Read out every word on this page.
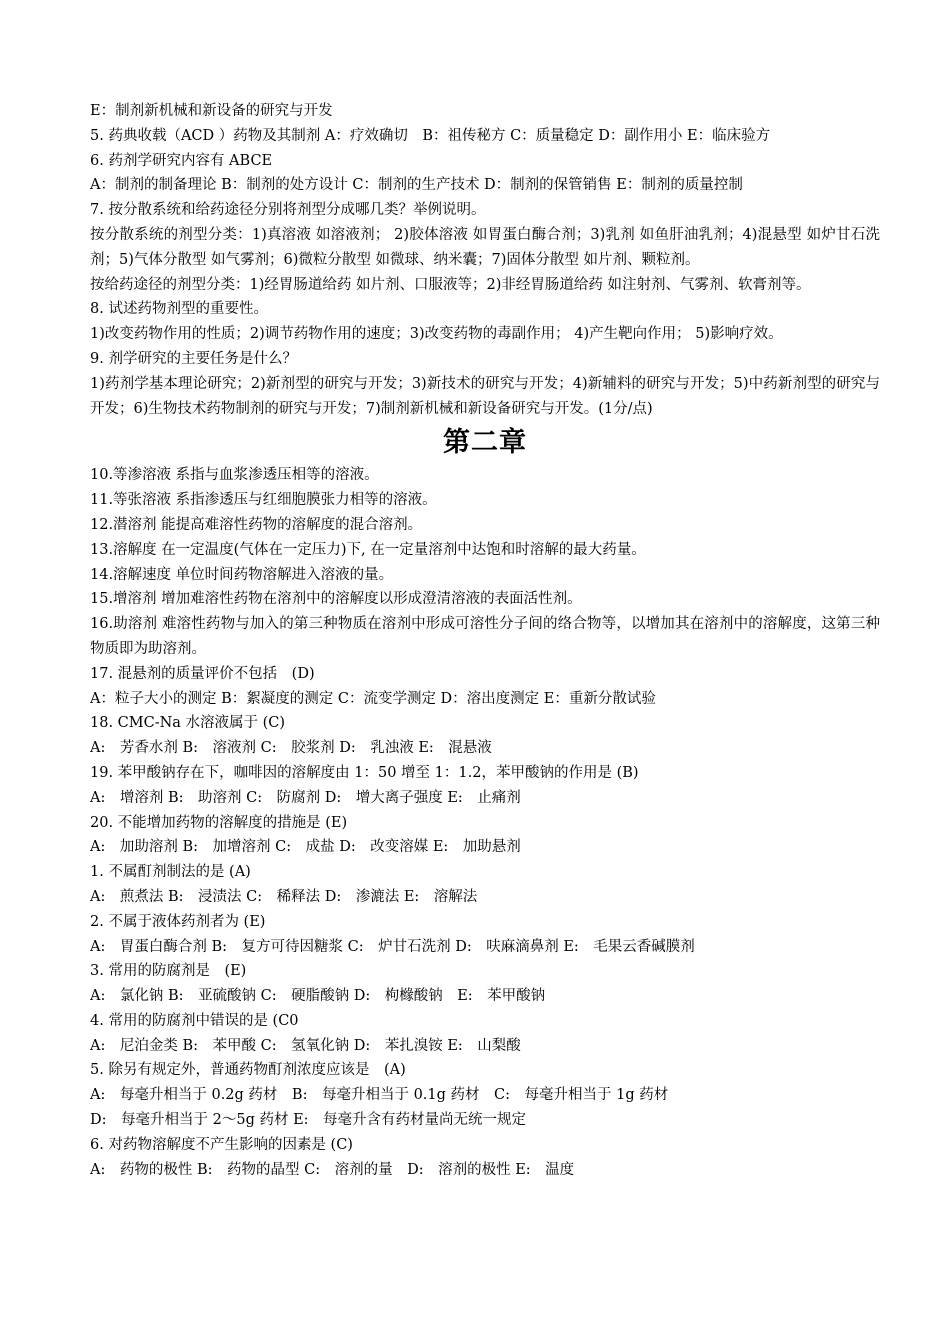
E：制剂新机械和新设备的研究与开发
5. 药典收载（ACD ）药物及其制剂 A：疗效确切　B：祖传秘方 C：质量稳定 D：副作用小 E：临床验方
6. 药剂学研究内容有 ABCE
A：制剂的制备理论 B：制剂的处方设计 C：制剂的生产技术 D：制剂的保管销售 E：制剂的质量控制
7. 按分散系统和给药途径分别将剂型分成哪几类？举例说明。
按分散系统的剂型分类：1)真溶液 如溶液剂； 2)胶体溶液 如胃蛋白酶合剂；3)乳剂 如鱼肝油乳剂；4)混悬型 如炉甘石洗剂；5)气体分散型 如气雾剂；6)微粒分散型 如微球、纳米囊；7)固体分散型 如片剂、颗粒剂。
按给药途径的剂型分类：1)经胃肠道给药 如片剂、口服液等；2)非经胃肠道给药 如注射剂、气雾剂、软膏剂等。
8. 试述药物剂型的重要性。
1)改变药物作用的性质；2)调节药物作用的速度；3)改变药物的毒副作用； 4)产生靶向作用； 5)影响疗效。
9. 剂学研究的主要任务是什么？
1)药剂学基本理论研究；2)新剂型的研究与开发；3)新技术的研究与开发；4)新辅料的研究与开发；5)中药新剂型的研究与开发；6)生物技术药物制剂的研究与开发；7)制剂新机械和新设备研究与开发。(1分/点)
第二章
10.等渗溶液 系指与血浆渗透压相等的溶液。
11.等张溶液 系指渗透压与红细胞膜张力相等的溶液。
12.潜溶剂 能提高难溶性药物的溶解度的混合溶剂。
13.溶解度 在一定温度(气体在一定压力)下, 在一定量溶剂中达饱和时溶解的最大药量。
14.溶解速度 单位时间药物溶解进入溶液的量。
15.增溶剂 增加难溶性药物在溶剂中的溶解度以形成澄清溶液的表面活性剂。
16.助溶剂 难溶性药物与加入的第三种物质在溶剂中形成可溶性分子间的络合物等，以增加其在溶剂中的溶解度，这第三种物质即为助溶剂。
17. 混悬剂的质量评价不包括　(D)
A：粒子大小的测定 B：絮凝度的测定 C：流变学测定 D：溶出度测定 E：重新分散试验
18. CMC-Na 水溶液属于 (C)
A:　芳香水剂 B:　溶液剂 C:　胶浆剂 D:　乳浊液 E:　混悬液
19. 苯甲酸钠存在下，咖啡因的溶解度由 1：50 增至 1：1.2，苯甲酸钠的作用是 (B)
A:　增溶剂 B:　助溶剂 C:　防腐剂 D:　增大离子强度 E:　止痛剂
20. 不能增加药物的溶解度的措施是 (E)
A:　加助溶剂 B:　加增溶剂 C:　成盐 D:　改变溶媒 E:　加助悬剂
1. 不属酊剂制法的是 (A)
A:　煎煮法 B:　浸渍法 C:　稀释法 D:　渗漉法 E:　溶解法
2. 不属于液体药剂者为 (E)
A:　胃蛋白酶合剂 B:　复方可待因糖浆 C:　炉甘石洗剂 D:　呋麻滴鼻剂 E:　毛果云香碱膜剂
3. 常用的防腐剂是　(E)
A:　氯化钠 B:　亚硫酸钠 C:　硬脂酸钠 D:　枸橼酸钠　E:　苯甲酸钠
4. 常用的防腐剂中错误的是 (C0
A:　尼泊金类 B:　苯甲酸 C:　氢氧化钠 D:　苯扎溴铵 E:　山梨酸
5. 除另有规定外，普通药物酊剂浓度应该是　(A)
A:　每毫升相当于 0.2g 药材　B:　每毫升相当于 0.1g 药材　C:　每毫升相当于 1g 药材
D:　每毫升相当于 2～5g 药材 E:　每毫升含有药材量尚无统一规定
6. 对药物溶解度不产生影响的因素是 (C)
A:　药物的极性 B:　药物的晶型 C:　溶剂的量　D:　溶剂的极性 E:　温度
